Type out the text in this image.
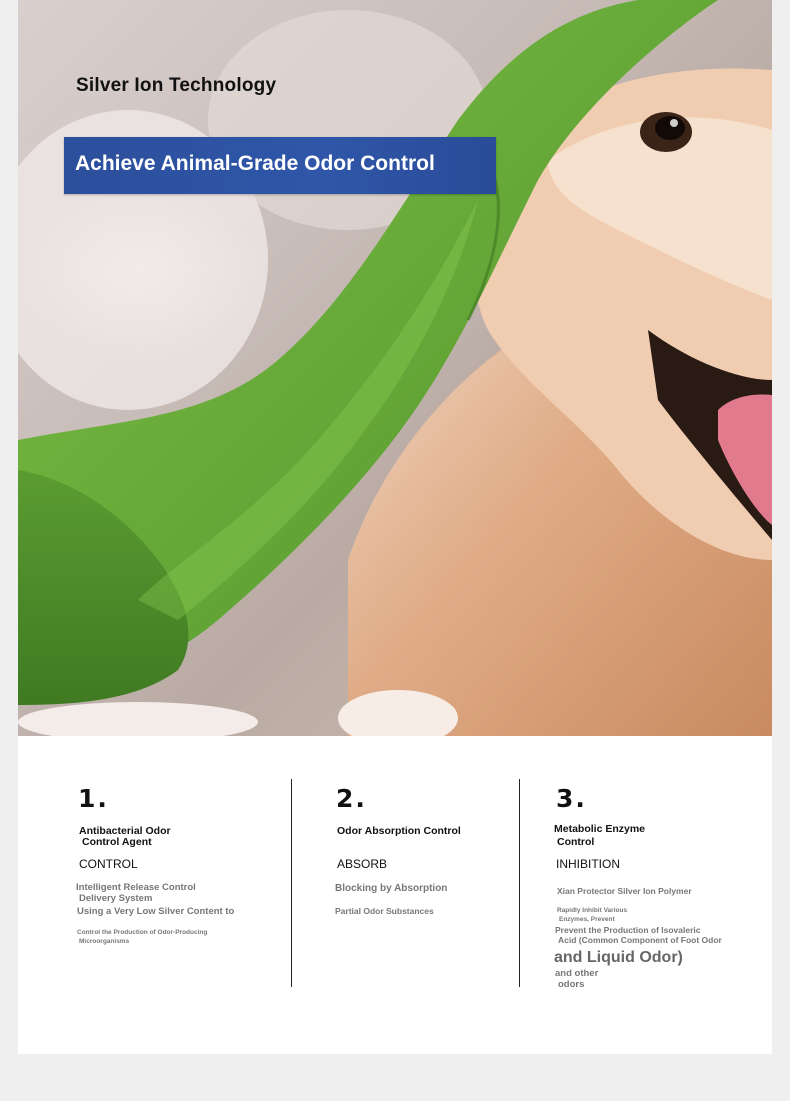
Silver Ion Technology
Achieve Animal-Grade Odor Control
1.
Antibacterial Odor
Control Agent
CONTROL
Intelligent Release Control
Delivery System
Using a Very Low Silver Content to
Control the Production of Odor-Producing
Microorganisms
2.
Odor Absorption Control
ABSORB
Blocking by Absorption
Partial Odor Substances
3.
Metabolic Enzyme
Control
INHIBITION
Xian Protector Silver Ion Polymer
Rapidly Inhibit Various
Enzymes, Prevent
Prevent the Production of Isovaleric
Acid (Common Component of Foot Odor
and Liquid Odor)
and other
odors
